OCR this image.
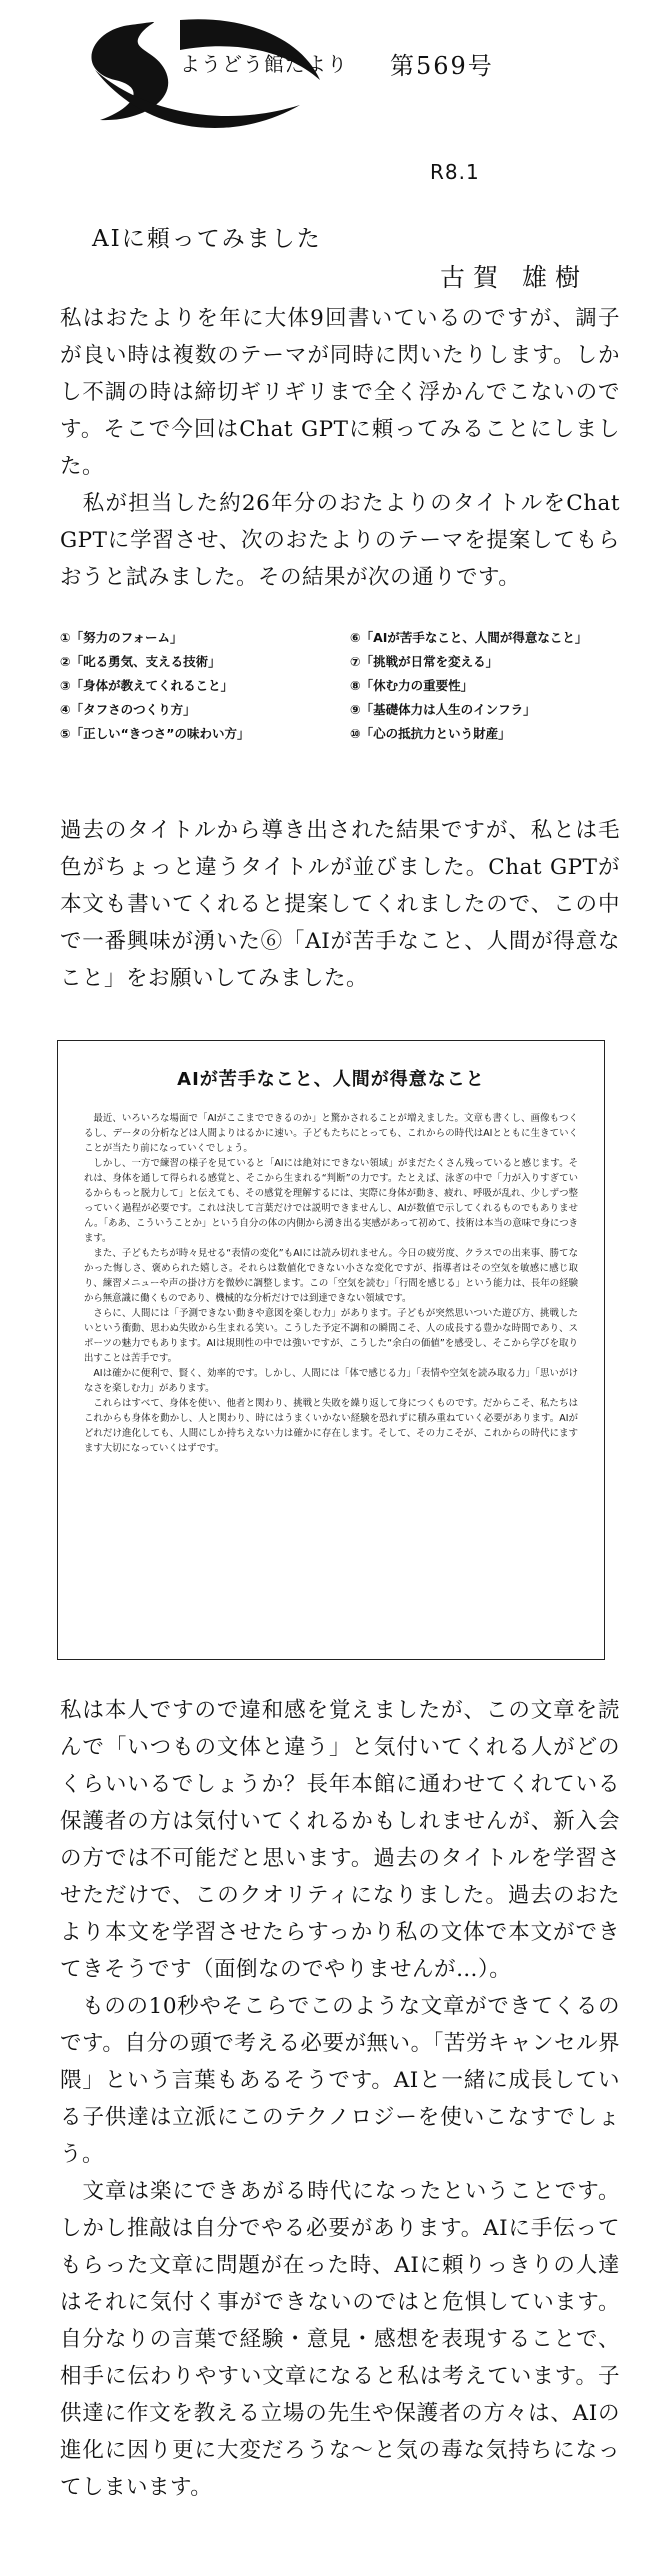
ようどう館だより 第569号
R8.1
AIに頼ってみました
古賀 雄樹
私はおたよりを年に大体9回書いているのですが、調子が良い時は複数のテーマが同時に閃いたりします。しかし不調の時は締切ギリギリまで全く浮かんでこないのです。そこで今回はChat GPTに頼ってみることにしました。
　私が担当した約26年分のおたよりのタイトルをChat GPTに学習させ、次のおたよりのテーマを提案してもらおうと試みました。その結果が次の通りです。
①「努力のフォーム」	⑥「AIが苦手なこと、人間が得意なこと」
②「叱る勇気、支える技術」	⑦「挑戦が日常を変える」
③「身体が教えてくれること」	⑧「休む力の重要性」
④「タフさのつくり方」	⑨「基礎体力は人生のインフラ」
⑤「正しい“きつさ”の味わい方」	⑩「心の抵抗力という財産」
過去のタイトルから導き出された結果ですが、私とは毛色がちょっと違うタイトルが並びました。Chat GPTが本文も書いてくれると提案してくれましたので、この中で一番興味が湧いた⑥「AIが苦手なこと、人間が得意なこと」をお願いしてみました。
AIが苦手なこと、人間が得意なこと

最近、いろいろな場面で「AIがここまでできるのか」と驚かされることが増えました。文章も書くし、画像もつくるし、データの分析などは人間よりはるかに速い。子どもたちにとっても、これからの時代はAIとともに生きていくことが当たり前になっていくでしょう。

しかし、一方で練習の様子を見ていると「AIには絶対にできない領域」がまだたくさん残っていると感じます。それは、身体を通して得られる感覚と、そこから生まれる“判断”の力です。たとえば、泳ぎの中で「力が入りすぎているからもっと脱力して」と伝えても、その感覚を理解するには、実際に身体が動き、疲れ、呼吸が乱れ、少しずつ整っていく過程が必要です。これは決して言葉だけでは説明できませんし、AIが数値で示してくれるものでもありません。「ああ、こういうことか」という自分の体の内側から湧き出る実感があって初めて、技術は本当の意味で身につきます。

また、子どもたちが時々見せる“表情の変化”もAIには読み切れません。今日の疲労度、クラスでの出来事、勝てなかった悔しさ、褒められた嬉しさ。それらは数値化できない小さな変化ですが、指導者はその空気を敏感に感じ取り、練習メニューや声の掛け方を微妙に調整します。この「空気を読む」「行間を感じる」という能力は、長年の経験から無意識に働くものであり、機械的な分析だけでは到達できない領域です。

さらに、人間には「予測できない動きや意図を楽しむ力」があります。子どもが突然思いついた遊び方、挑戦したいという衝動、思わぬ失敗から生まれる笑い。こうした予定不調和の瞬間こそ、人の成長する豊かな時間であり、スポーツの魅力でもあります。AIは規則性の中では強いですが、こうした“余白の価値”を感受し、そこから学びを取り出すことは苦手です。

AIは確かに便利で、賢く、効率的です。しかし、人間には「体で感じる力」「表情や空気を読み取る力」「思いがけなさを楽しむ力」があります。

これらはすべて、身体を使い、他者と関わり、挑戦と失敗を繰り返して身につくものです。だからこそ、私たちはこれからも身体を動かし、人と関わり、時にはうまくいかない経験を恐れずに積み重ねていく必要があります。AIがどれだけ進化しても、人間にしか持ちえない力は確かに存在します。そして、その力こそが、これからの時代にますます大切になっていくはずです。

私は本人ですので違和感を覚えましたが、この文章を読んで「いつもの文体と違う」と気付いてくれる人がどのくらいいるでしょうか？長年本館に通わせてくれている保護者の方は気付いてくれるかもしれませんが、新入会の方では不可能だと思います。過去のタイトルを学習させただけで、このクオリティになりました。過去のおたより本文を学習させたらすっかり私の文体で本文ができてきそうです（面倒なのでやりませんが…）。
　ものの10秒やそこらでこのような文章ができてくるのです。自分の頭で考える必要が無い。「苦労キャンセル界隈」という言葉もあるそうです。AIと一緒に成長している子供達は立派にこのテクノロジーを使いこなすでしょう。
　文章は楽にできあがる時代になったということです。しかし推敲は自分でやる必要があります。AIに手伝ってもらった文章に問題が在った時、AIに頼りっきりの人達はそれに気付く事ができないのではと危惧しています。自分なりの言葉で経験・意見・感想を表現することで、相手に伝わりやすい文章になると私は考えています。子供達に作文を教える立場の先生や保護者の方々は、AIの進化に因り更に大変だろうな〜と気の毒な気持ちになってしまいます。
